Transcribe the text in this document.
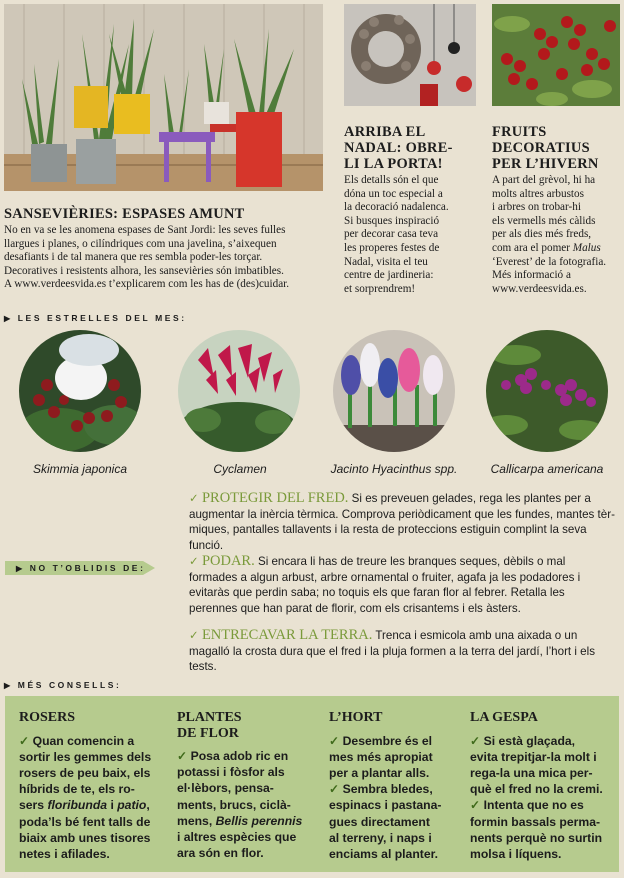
SANSEVIÈRIES: ESPASES AMUNT
No en va se les anomena espases de Sant Jordi: les seves fulles
llargues i planes, o cilíndriques com una javelina, s’aixequen
desafiants i de tal manera que res sembla poder-les torçar.
Decoratives i resistents alhora, les sansevièries són imbatibles.
A www.verdeesvida.es t’explicarem com les has de (des)cuidar.
ARRIBA EL
NADAL: OBRE-
LI LA PORTA!
Els detalls són el que
dóna un toc especial a
la decoració nadalenca.
Si busques inspiració
per decorar casa teva
les properes festes de
Nadal, visita el teu
centre de jardineria:
et sorprendrem!
FRUITS
DECORATIUS
PER L’HIVERN
A part del grèvol, hi ha
molts altres arbustos
i arbres on trobar-hi
els vermells més càlids
per als dies més freds,
com ara el pomer Malus
‘Everest’ de la fotografia.
Més informació a
www.verdeesvida.es.
▶ LES ESTRELLES DEL MES:
Skimmia japonica	Cyclamen	Jacinto Hyacinthus spp.	Callicarpa americana
▶ NO T’OBLIDIS DE:
✓ PROTEGIR DEL FRED. Si es preveuen gelades, rega les plantes per a
augmentar la inèrcia tèrmica. Comprova periòdicament que les fundes, mantes tèr-
miques, pantalles tallavents i la resta de proteccions estiguin complint la seva funció.
✓ PODAR. Si encara li has de treure les branques seques, dèbils o mal
formades a algun arbust, arbre ornamental o fruiter, agafa ja les podadores i
evitaràs que perdin saba; no toquis els que faran flor al febrer. Retalla les
perennes que han parat de florir, com els crisantems i els àsters.
✓ ENTRECAVAR LA TERRA. Trenca i esmicola amb una aixada o un
magalló la crosta dura que el fred i la pluja formen a la terra del jardí, l’hort i els tests.
▶ MÉS CONSELLS:
ROSERS
✓ Quan comencin a
sortir les gemmes dels
rosers de peu baix, els
híbrids de te, els ro-
sers floribunda i patio,
poda’ls bé fent talls de
biaix amb unes tisores
netes i afilades.
PLANTES
DE FLOR
✓ Posa adob ric en
potassi i fòsfor als
el·lèbors, pensa-
ments, brucs, ciclà-
mens, Bellis perennis
i altres espècies que
ara són en flor.
L’HORT
✓ Desembre és el
mes més apropiat
per a plantar alls.
✓ Sembra bledes,
espinacs i pastana-
gues directament
al terreny, i naps i
enciams al planter.
LA GESPA
✓ Si està glaçada,
evita trepitjar-la molt i
rega-la una mica per-
què el fred no la cremi.
✓ Intenta que no es
formin bassals perma-
nents perquè no surtin
molsa i líquens.
